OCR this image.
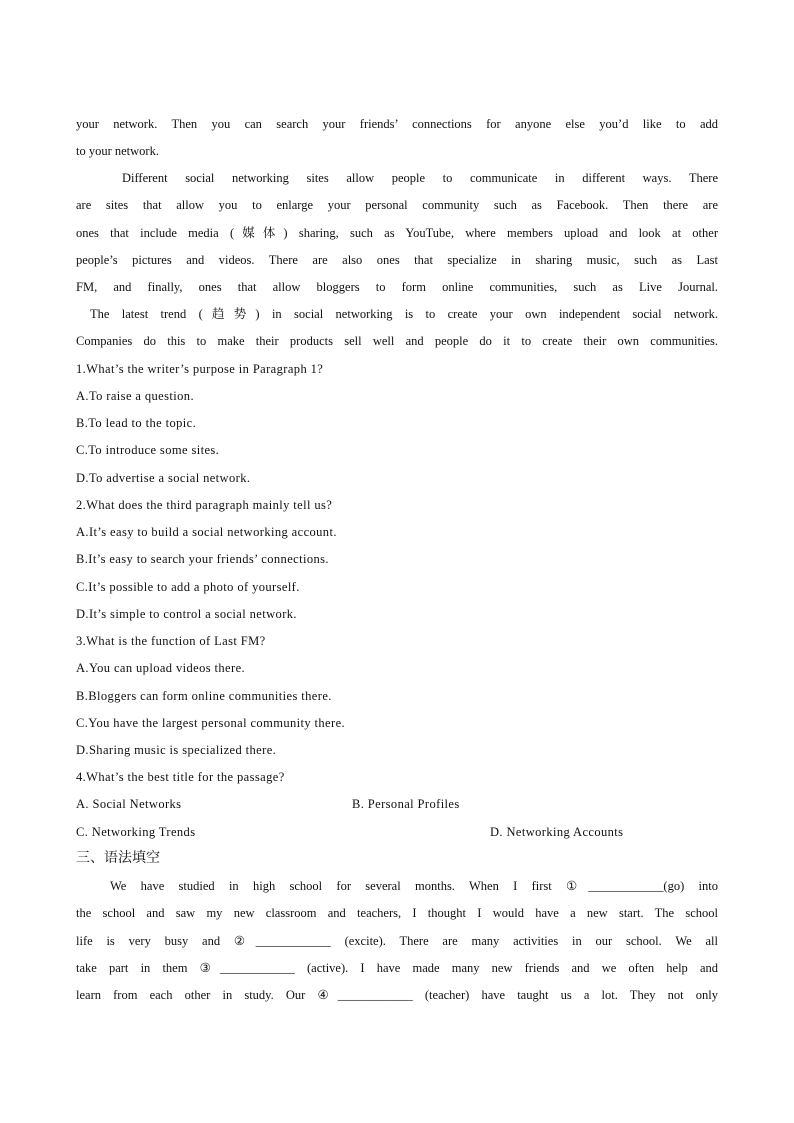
your network. Then you can search your friends’ connections for anyone else you’d like to add
to your network.
Different social networking sites allow people to communicate in different ways. There
are sites that allow you to enlarge your personal community such as Facebook. Then there are
ones that include media (媒体) sharing, such as YouTube, where members upload and look at other
people’s pictures and videos. There are also ones that specialize in sharing music, such as Last
FM, and finally, ones that allow bloggers to form online communities, such as Live Journal.
The latest trend (趋势) in social networking is to create your own independent social network.
Companies do this to make their products sell well and people do it to create their own communities.
1.What’s the writer’s purpose in Paragraph 1?
A.To raise a question.
B.To lead to the topic.
C.To introduce some sites.
D.To advertise a social network.
2.What does the third paragraph mainly tell us?
A.It’s easy to build a social networking account.
B.It’s easy to search your friends’ connections.
C.It’s possible to add a photo of yourself.
D.It’s simple to control a social network.
3.What is the function of Last FM?
A.You can upload videos there.
B.Bloggers can form online communities there.
C.You have the largest personal community there.
D.Sharing music is specialized there.
4.What’s the best title for the passage?
A. Social Networks	B. Personal Profiles
C. Networking Trends	D. Networking Accounts
三、语法填空
We have studied in high school for several months. When I first ①____________(go) into
the school and saw my new classroom and teachers, I thought I would have a new start. The school
life is very busy and ②____________ (excite). There are many activities in our school. We all
take part in them ③____________ (active). I have made many new friends and we often help and
learn from each other in study. Our ④____________ (teacher) have taught us a lot. They not only
